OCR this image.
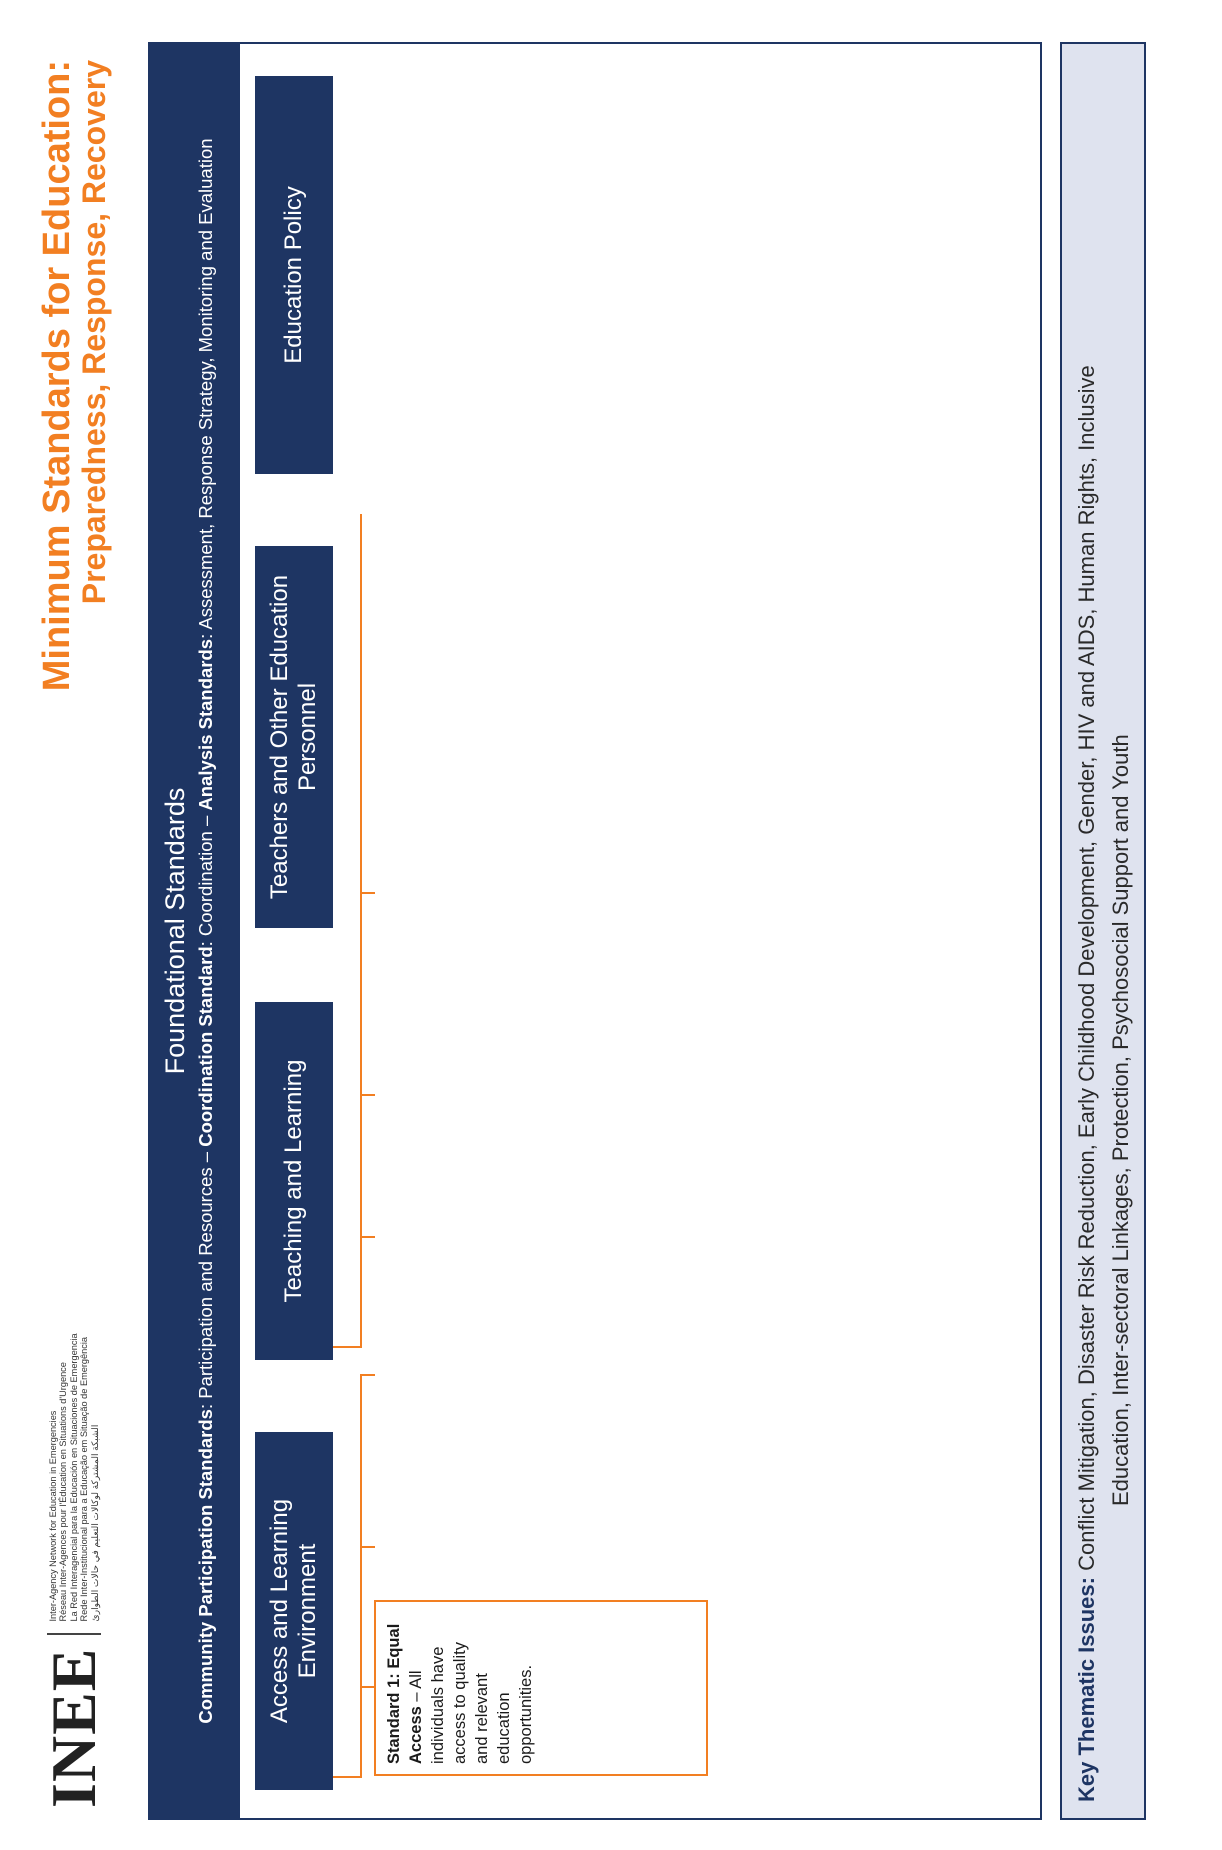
INEE
Inter-Agency Network for Education in Emergencies Réseau Inter-Agences pour l'Éducation en Situations d'Urgence La Red Interagencial para la Educación en Situaciones de Emergencia Rede Inter-Institucional para a Educação em Situação de Emergência الشبكة المشتركة لوكالات التعليم في حالات الطوارئ
Minimum Standards for Education:
Preparedness, Response, Recovery
Foundational Standards
Community Participation Standards: Participation and Resources – Coordination Standard: Coordination – Analysis Standards: Assessment, Response Strategy, Monitoring and Evaluation
Access and Learning Environment
Standard 1: Equal Access – All individuals have access to quality and relevant education opportunities.
Teaching and Learning
Teachers and Other Education Personnel
Education Policy
Key Thematic Issues: Conflict Mitigation, Disaster Risk Reduction, Early Childhood Development, Gender, HIV and AIDS, Human Rights, Inclusive Education, Inter-sectoral Linkages, Protection, Psychosocial Support and Youth
